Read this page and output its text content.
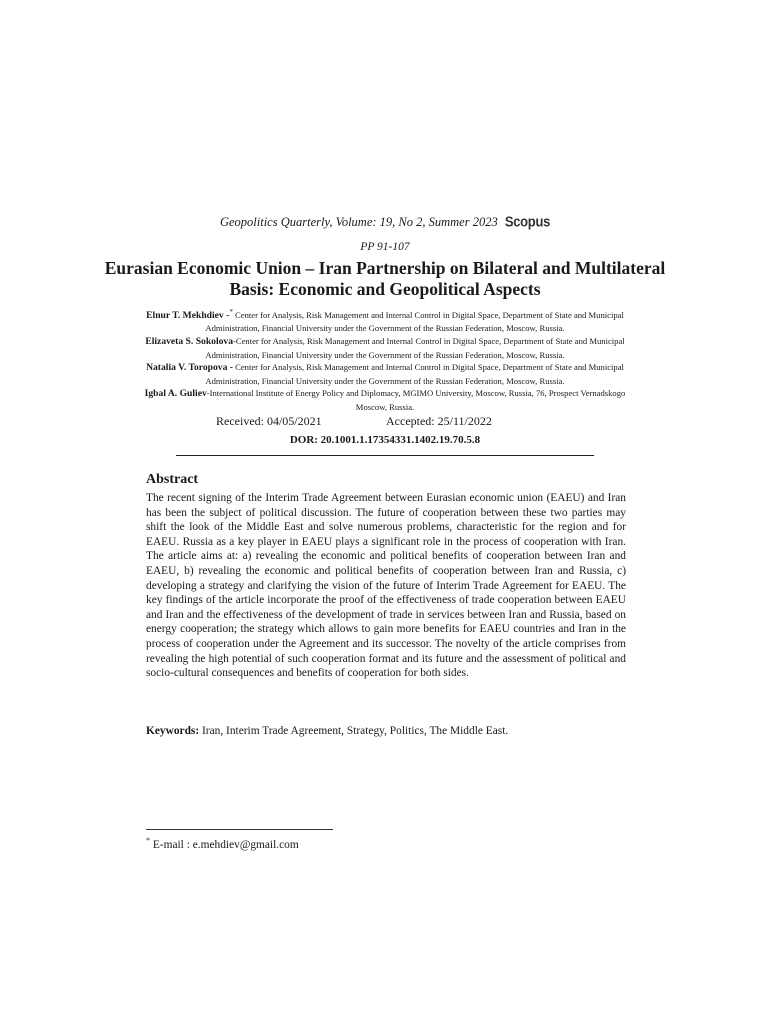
Geopolitics Quarterly, Volume: 19, No 2, Summer 2023 Scopus
PP 91-107
Eurasian Economic Union – Iran Partnership on Bilateral and Multilateral Basis: Economic and Geopolitical Aspects

Elnur T. Mekhdiev -* Center for Analysis, Risk Management and Internal Control in Digital Space, Department of State and Municipal Administration, Financial University under the Government of the Russian Federation, Moscow, Russia.

Elizaveta S. Sokolova-Center for Analysis, Risk Management and Internal Control in Digital Space, Department of State and Municipal Administration, Financial University under the Government of the Russian Federation, Moscow, Russia.

Natalia V. Toropova - Center for Analysis, Risk Management and Internal Control in Digital Space, Department of State and Municipal Administration, Financial University under the Government of the Russian Federation, Moscow, Russia.

Igbal A. Guliev-International Institute of Energy Policy and Diplomacy, MGIMO University, Moscow, Russia, 76, Prospect Vernadskogo Moscow, Russia.

Received: 04/05/2021	Accepted: 25/11/2022
DOR: 20.1001.1.17354331.1402.19.70.5.8
Abstract

The recent signing of the Interim Trade Agreement between Eurasian economic union (EAEU) and Iran has been the subject of political discussion. The future of cooperation between these two parties may shift the look of the Middle East and solve numerous problems, characteristic for the region and for EAEU. Russia as a key player in EAEU plays a significant role in the process of cooperation with Iran. The article aims at: a) revealing the economic and political benefits of cooperation between Iran and EAEU, b) revealing the economic and political benefits of cooperation between Iran and Russia, c) developing a strategy and clarifying the vision of the future of Interim Trade Agreement for EAEU. The key findings of the article incorporate the proof of the effectiveness of trade cooperation between EAEU and Iran and the effectiveness of the development of trade in services between Iran and Russia, based on energy cooperation; the strategy which allows to gain more benefits for EAEU countries and Iran in the process of cooperation under the Agreement and its successor. The novelty of the article comprises from revealing the high potential of such cooperation format and its future and the assessment of political and socio-cultural consequences and benefits of cooperation for both sides.

Keywords: Iran, Interim Trade Agreement, Strategy, Politics, The Middle East.
* E-mail : e.mehdiev@gmail.com
